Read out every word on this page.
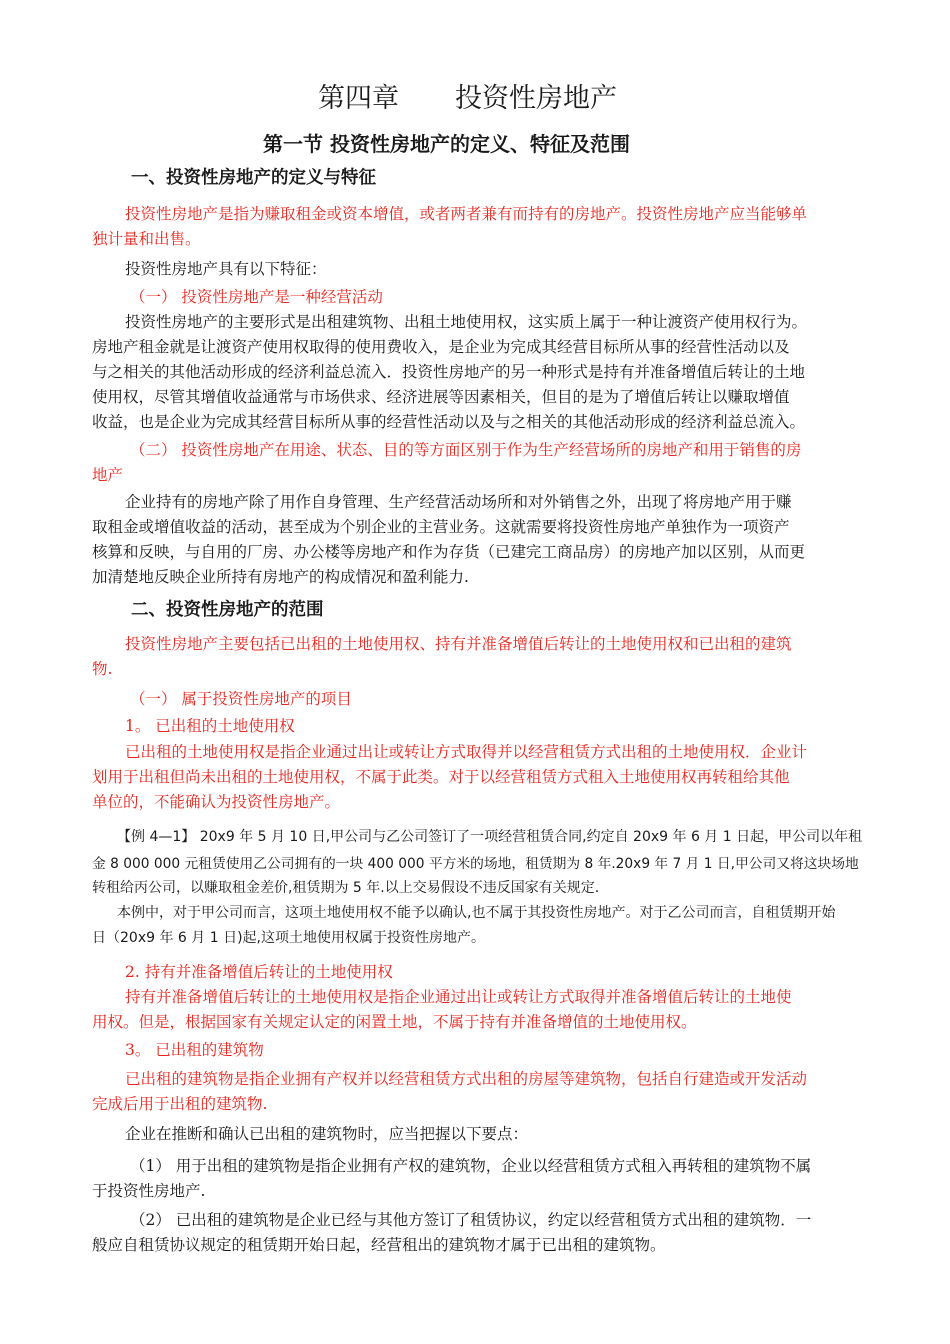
第四章 投资性房地产
第一节 投资性房地产的定义、特征及范围
一、投资性房地产的定义与特征
投资性房地产是指为赚取租金或资本增值，或者两者兼有而持有的房地产。投资性房地产应当能够单
独计量和出售。
投资性房地产具有以下特征：
（一） 投资性房地产是一种经营活动
投资性房地产的主要形式是出租建筑物、出租土地使用权，这实质上属于一种让渡资产使用权行为。
房地产租金就是让渡资产使用权取得的使用费收入，是企业为完成其经营目标所从事的经营性活动以及
与之相关的其他活动形成的经济利益总流入．投资性房地产的另一种形式是持有并准备增值后转让的土地
使用权，尽管其增值收益通常与市场供求、经济进展等因素相关，但目的是为了增值后转让以赚取增值
收益，也是企业为完成其经营目标所从事的经营性活动以及与之相关的其他活动形成的经济利益总流入。
（二） 投资性房地产在用途、状态、目的等方面区别于作为生产经营场所的房地产和用于销售的房
地产
企业持有的房地产除了用作自身管理、生产经营活动场所和对外销售之外，出现了将房地产用于赚
取租金或增值收益的活动，甚至成为个别企业的主营业务。这就需要将投资性房地产单独作为一项资产
核算和反映，与自用的厂房、办公楼等房地产和作为存货（已建完工商品房）的房地产加以区别，从而更
加清楚地反映企业所持有房地产的构成情况和盈利能力.
二、投资性房地产的范围
投资性房地产主要包括已出租的土地使用权、持有并准备增值后转让的土地使用权和已出租的建筑
物.
（一） 属于投资性房地产的项目
1。 已出租的土地使用权
已出租的土地使用权是指企业通过出让或转让方式取得并以经营租赁方式出租的土地使用权．企业计
划用于出租但尚未出租的土地使用权，不属于此类。对于以经营租赁方式租入土地使用权再转租给其他
单位的，不能确认为投资性房地产。
【例 4—1】 20x9 年 5 月 10 日,甲公司与乙公司签订了一项经营租赁合同,约定自 20x9 年 6 月 1 日起，甲公司以年租
金 8 000 000 元租赁使用乙公司拥有的一块 400 000 平方米的场地，租赁期为 8 年.20x9 年 7 月 1 日,甲公司又将这块场地
转租给丙公司，以赚取租金差价,租赁期为 5 年.以上交易假设不违反国家有关规定.
本例中，对于甲公司而言，这项土地使用权不能予以确认,也不属于其投资性房地产。对于乙公司而言，自租赁期开始
日（20x9 年 6 月 1 日)起,这项土地使用权属于投资性房地产。
2. 持有并准备增值后转让的土地使用权
持有并准备增值后转让的土地使用权是指企业通过出让或转让方式取得并准备增值后转让的土地使
用权。但是，根据国家有关规定认定的闲置土地，不属于持有并准备增值的土地使用权。
3。 已出租的建筑物
已出租的建筑物是指企业拥有产权并以经营租赁方式出租的房屋等建筑物，包括自行建造或开发活动
完成后用于出租的建筑物.
企业在推断和确认已出租的建筑物时，应当把握以下要点：
（1） 用于出租的建筑物是指企业拥有产权的建筑物，企业以经营租赁方式租入再转租的建筑物不属
于投资性房地产.
（2） 已出租的建筑物是企业已经与其他方签订了租赁协议，约定以经营租赁方式出租的建筑物．一
般应自租赁协议规定的租赁期开始日起，经营租出的建筑物才属于已出租的建筑物。
